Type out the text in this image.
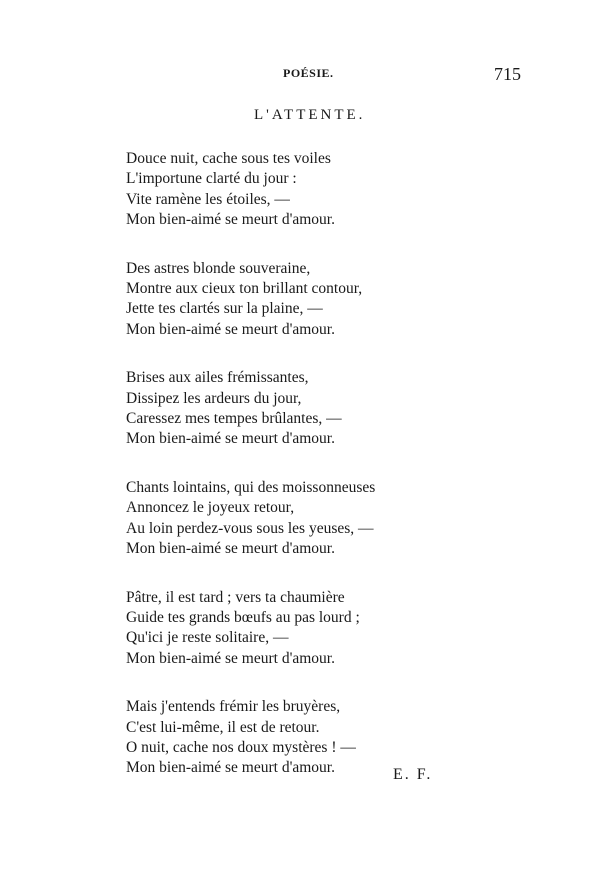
POÉSIE.	715
L'ATTENTE.
Douce nuit, cache sous tes voiles
L'importune clarté du jour :
Vite ramène les étoiles, —
Mon bien-aimé se meurt d'amour.
Des astres blonde souveraine,
Montre aux cieux ton brillant contour,
Jette tes clartés sur la plaine, —
Mon bien-aimé se meurt d'amour.
Brises aux ailes frémissantes,
Dissipez les ardeurs du jour,
Caressez mes tempes brûlantes, —
Mon bien-aimé se meurt d'amour.
Chants lointains, qui des moissonneuses
Annoncez le joyeux retour,
Au loin perdez-vous sous les yeuses, —
Mon bien-aimé se meurt d'amour.
Pâtre, il est tard ; vers ta chaumière
Guide tes grands bœufs au pas lourd ;
Qu'ici je reste solitaire, —
Mon bien-aimé se meurt d'amour.
Mais j'entends frémir les bruyères,
C'est lui-même, il est de retour.
O nuit, cache nos doux mystères ! —
Mon bien-aimé se meurt d'amour.	E. F.
